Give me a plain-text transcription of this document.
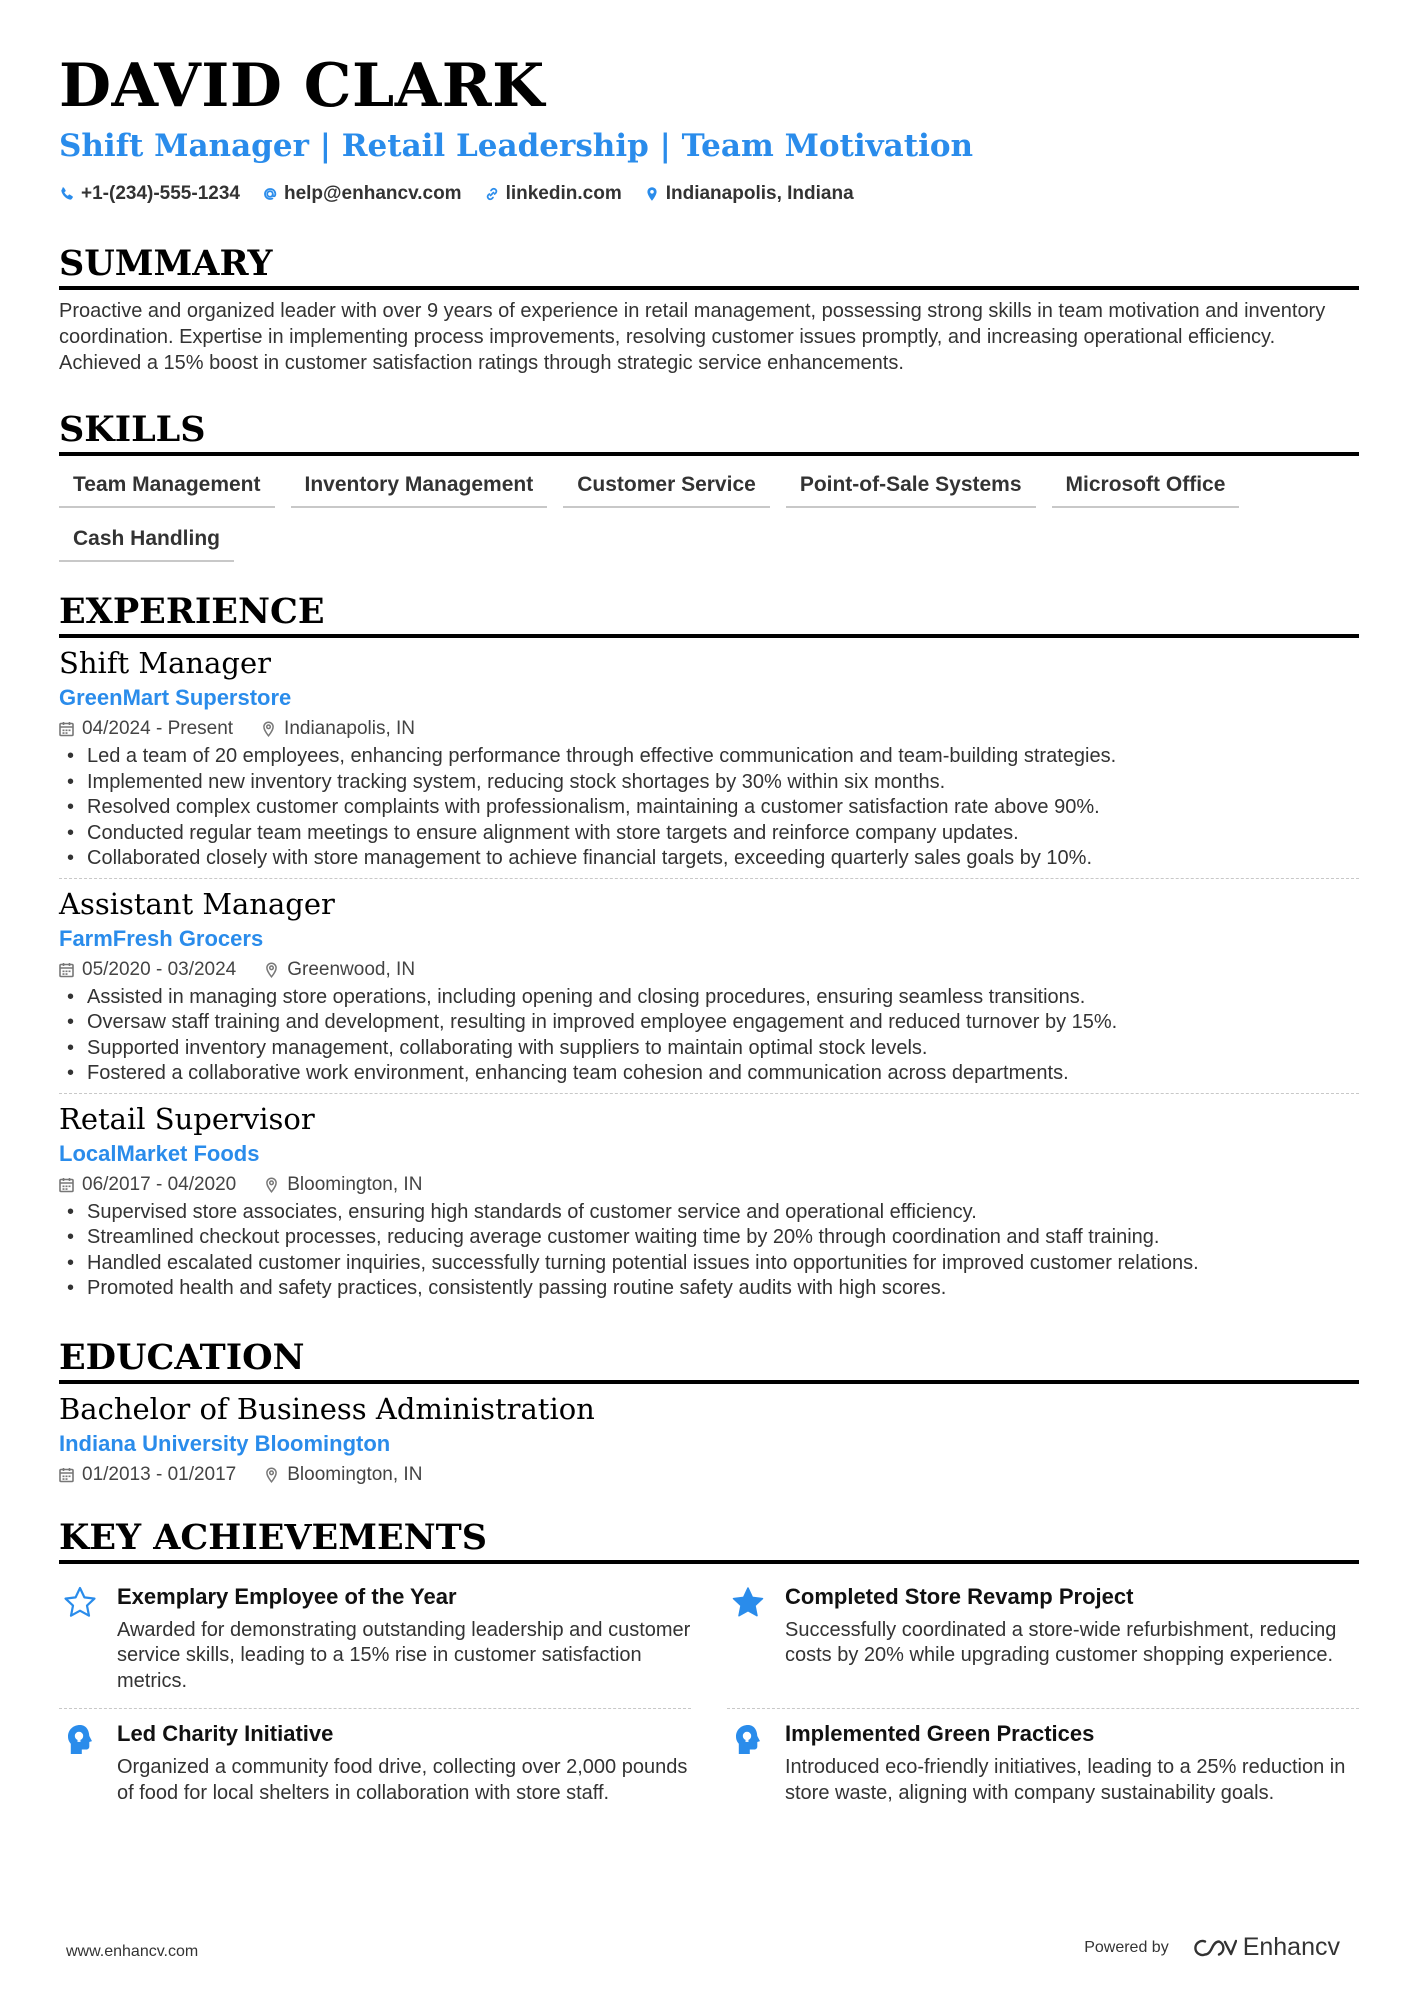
DAVID CLARK
Shift Manager | Retail Leadership | Team Motivation
+1-(234)-555-1234 help@enhancv.com linkedin.com Indianapolis, Indiana
SUMMARY
Proactive and organized leader with over 9 years of experience in retail management, possessing strong skills in team motivation and inventory coordination. Expertise in implementing process improvements, resolving customer issues promptly, and increasing operational efficiency. Achieved a 15% boost in customer satisfaction ratings through strategic service enhancements.
SKILLS
Team Management	Inventory Management	Customer Service	Point-of-Sale Systems	Microsoft Office
Cash Handling
EXPERIENCE
Shift Manager
GreenMart Superstore
04/2024 - Present	Indianapolis, IN
• Led a team of 20 employees, enhancing performance through effective communication and team-building strategies.
• Implemented new inventory tracking system, reducing stock shortages by 30% within six months.
• Resolved complex customer complaints with professionalism, maintaining a customer satisfaction rate above 90%.
• Conducted regular team meetings to ensure alignment with store targets and reinforce company updates.
• Collaborated closely with store management to achieve financial targets, exceeding quarterly sales goals by 10%.
Assistant Manager
FarmFresh Grocers
05/2020 - 03/2024	Greenwood, IN
• Assisted in managing store operations, including opening and closing procedures, ensuring seamless transitions.
• Oversaw staff training and development, resulting in improved employee engagement and reduced turnover by 15%.
• Supported inventory management, collaborating with suppliers to maintain optimal stock levels.
• Fostered a collaborative work environment, enhancing team cohesion and communication across departments.
Retail Supervisor
LocalMarket Foods
06/2017 - 04/2020	Bloomington, IN
• Supervised store associates, ensuring high standards of customer service and operational efficiency.
• Streamlined checkout processes, reducing average customer waiting time by 20% through coordination and staff training.
• Handled escalated customer inquiries, successfully turning potential issues into opportunities for improved customer relations.
• Promoted health and safety practices, consistently passing routine safety audits with high scores.
EDUCATION
Bachelor of Business Administration
Indiana University Bloomington
01/2013 - 01/2017	Bloomington, IN
KEY ACHIEVEMENTS
Exemplary Employee of the Year
Awarded for demonstrating outstanding leadership and customer service skills, leading to a 15% rise in customer satisfaction metrics.
Completed Store Revamp Project
Successfully coordinated a store-wide refurbishment, reducing costs by 20% while upgrading customer shopping experience.
Led Charity Initiative
Organized a community food drive, collecting over 2,000 pounds of food for local shelters in collaboration with store staff.
Implemented Green Practices
Introduced eco-friendly initiatives, leading to a 25% reduction in store waste, aligning with company sustainability goals.
www.enhancv.com	Powered by	Enhancv
